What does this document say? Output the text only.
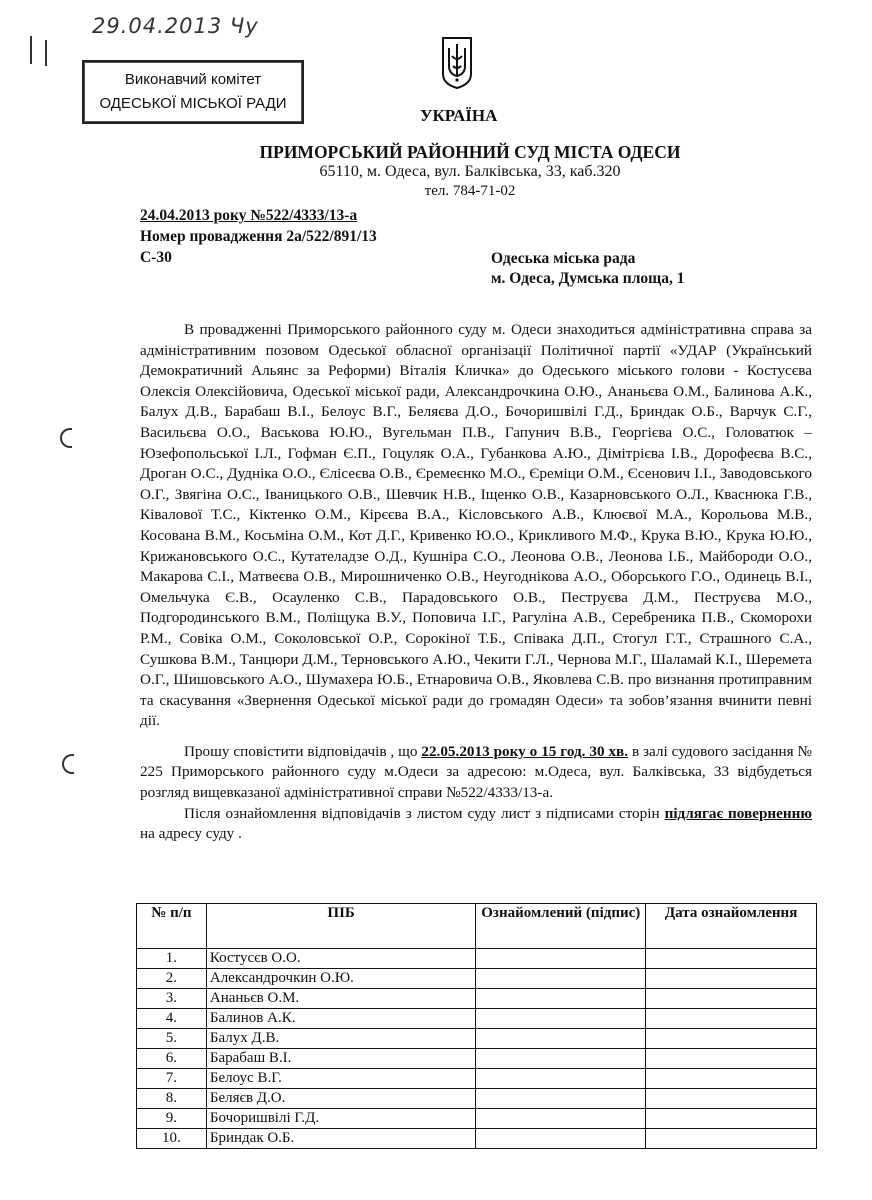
29.04.2013 Чу
Виконавчий комітет
ОДЕСЬКОЇ МІСЬКОЇ РАДИ
УКРАЇНА
ПРИМОРСЬКИЙ РАЙОННИЙ СУД МІСТА ОДЕСИ
65110, м. Одеса, вул. Балківська, 33, каб.320
тел. 784-71-02
24.04.2013 року №522/4333/13-а
Номер провадження 2а/522/891/13
С-30	Одеська міська рада
м. Одеса, Думська площа, 1

В провадженні Приморського районного суду м. Одеси знаходиться адміністративна справа за адміністративним позовом Одеської обласної організації Політичної партії «УДАР (Український Демократичний Альянс за Реформи) Віталія Кличка» до Одеського міського голови - Костусєва Олексія Олексійовича, Одеської міської ради, Александрочкина О.Ю., Ананьєва О.М., Балинова А.К., Балух Д.В., Барабаш В.І., Белоус В.Г., Беляєва Д.О., Бочоришвілі Г.Д., Бриндак О.Б., Варчук С.Г., Васильєва О.О., Васькова Ю.Ю., Вугельман П.В., Гапунич В.В., Георгієва О.С., Головатюк – Юзефопольської І.Л., Гофман Є.П., Гоцуляк О.А., Губанкова А.Ю., Дімітрієва І.В., Дорофеєва В.С., Дроган О.С., Дудніка О.О., Єлісеєва О.В., Єремеєнко М.О., Єреміци О.М., Єсенович І.І., Заводовського О.Г., Звягіна О.С., Іваницького О.В., Шевчик Н.В., Іщенко О.В., Казарновського О.Л., Кваснюка Г.В., Ківалової Т.С., Кіктенко О.М., Кірєєва В.А., Кісловського А.В., Клюєвої М.А., Корольова М.В., Косована В.М., Косьміна О.М., Кот Д.Г., Кривенко Ю.О., Крикливого М.Ф., Крука В.Ю., Крука Ю.Ю., Крижановського О.С., Кутателадзе О.Д., Кушніра С.О., Леонова О.В., Леонова І.Б., Майбороди О.О., Макарова С.І., Матвеєва О.В., Мирошниченко О.В., Неугоднікова А.О., Оборського Г.О., Одинець В.І., Омельчука Є.В., Осауленко С.В., Парадовського О.В., Пеструєва Д.М., Пеструєва М.О., Подгородинського В.М., Поліщука В.У., Поповича І.Г., Рагуліна А.В., Серебреника П.В., Скоморохи Р.М., Совіка О.М., Соколовської О.Р., Сорокіної Т.Б., Співака Д.П., Стогул Г.Т., Страшного С.А., Сушкова В.М., Танцюри Д.М., Терновського А.Ю., Чекити Г.Л., Чернова М.Г., Шаламай К.І., Шеремета О.Г., Шишовського А.О., Шумахера Ю.Б., Етнаровича О.В., Яковлева С.В. про визнання протиправним та скасування «Звернення Одеської міської ради до громадян Одеси» та зобов’язання вчинити певні дії.

Прошу сповістити відповідачів , що 22.05.2013 року о 15 год. 30 хв. в залі судового засідання № 225 Приморського районного суду м.Одеси за адресою: м.Одеса, вул. Балківська, 33 відбудеться розгляд вищевказаної адміністративної справи №522/4333/13-а.

Після ознайомлення відповідачів з листом суду лист з підписами сторін підлягає поверненню на адресу суду .

№ п/п	ПІБ	Ознайомлений (підпис)	Дата ознайомлення
1.	Костусєв О.О.		
2.	Александрочкин О.Ю.		
3.	Ананьєв О.М.		
4.	Балинов А.К.		
5.	Балух Д.В.		
6.	Барабаш В.І.		
7.	Белоус В.Г.		
8.	Беляєв Д.О.		
9.	Бочоришвілі Г.Д.		
10.	Бриндак О.Б.		
